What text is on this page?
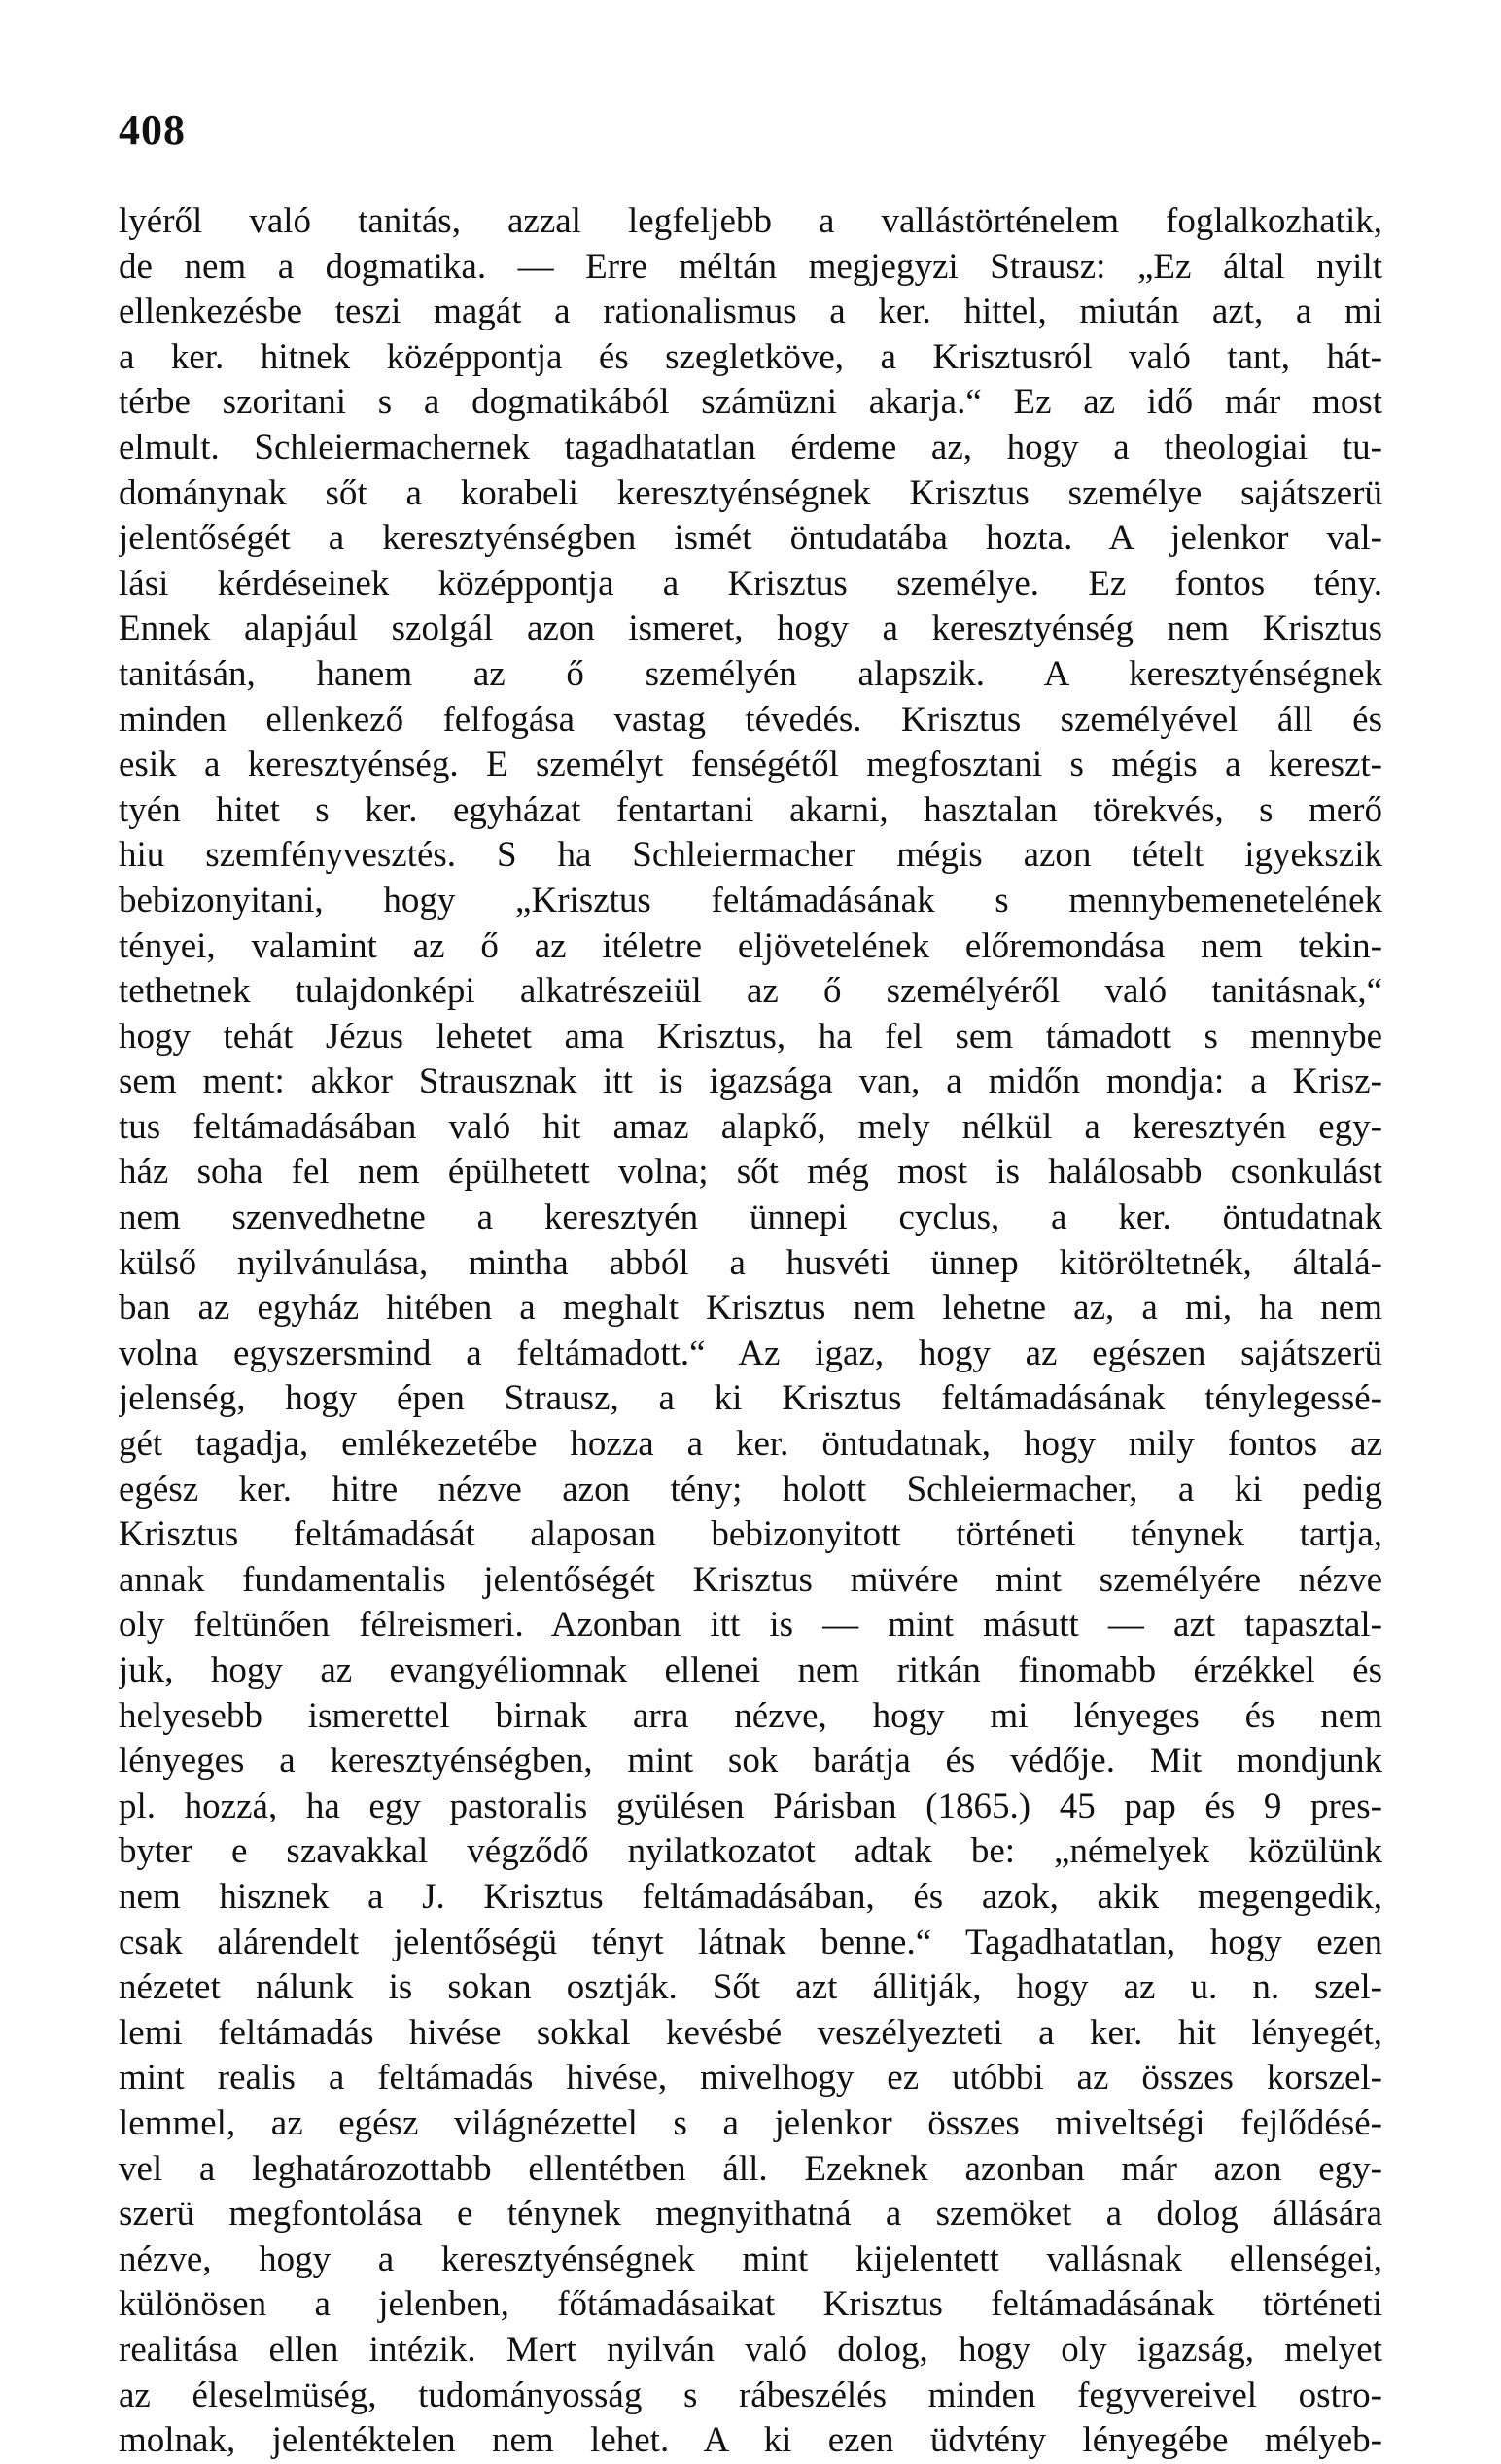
408

lyéről való tanitás, azzal legfeljebb a vallástörténelem foglalkozhatik,
de nem a dogmatika. — Erre méltán megjegyzi Strausz: „Ez által nyilt
ellenkezésbe teszi magát a rationalismus a ker. hittel, miután azt, a mi
a ker. hitnek középpontja és szegletköve, a Krisztusról való tant, hát-
térbe szoritani s a dogmatikából számüzni akarja.“ Ez az idő már most
elmult. Schleiermachernek tagadhatatlan érdeme az, hogy a theologiai tu-
dománynak sőt a korabeli keresztyénségnek Krisztus személye sajátszerü
jelentőségét a keresztyénségben ismét öntudatába hozta. A jelenkor val-
lási kérdéseinek középpontja a Krisztus személye. Ez fontos tény.
Ennek alapjául szolgál azon ismeret, hogy a keresztyénség nem Krisztus
tanitásán, hanem az ő személyén alapszik. A keresztyénségnek
minden ellenkező felfogása vastag tévedés. Krisztus személyével áll és
esik a keresztyénség. E személyt fenségétől megfosztani s mégis a kereszt-
tyén hitet s ker. egyházat fentartani akarni, hasztalan törekvés, s merő
hiu szemfényvesztés. S ha Schleiermacher mégis azon tételt igyekszik
bebizonyitani, hogy „Krisztus feltámadásának s mennybemenetelének
tényei, valamint az ő az itéletre eljövetelének előremondása nem tekin-
tethetnek tulajdonképi alkatrészeiül az ő személyéről való tanitásnak,“
hogy tehát Jézus lehetet ama Krisztus, ha fel sem támadott s mennybe
sem ment: akkor Strausznak itt is igazsága van, a midőn mondja: a Krisz-
tus feltámadásában való hit amaz alapkő, mely nélkül a keresztyén egy-
ház soha fel nem épülhetett volna; sőt még most is halálosabb csonkulást
nem szenvedhetne a keresztyén ünnepi cyclus, a ker. öntudatnak
külső nyilvánulása, mintha abból a husvéti ünnep kitöröltetnék, általá-
ban az egyház hitében a meghalt Krisztus nem lehetne az, a mi, ha nem
volna egyszersmind a feltámadott.“ Az igaz, hogy az egészen sajátszerü
jelenség, hogy épen Strausz, a ki Krisztus feltámadásának ténylegessé-
gét tagadja, emlékezetébe hozza a ker. öntudatnak, hogy mily fontos az
egész ker. hitre nézve azon tény; holott Schleiermacher, a ki pedig
Krisztus feltámadását alaposan bebizonyitott történeti ténynek tartja,
annak fundamentalis jelentőségét Krisztus müvére mint személyére nézve
oly feltünően félreismeri. Azonban itt is — mint másutt — azt tapasztal-
juk, hogy az evangyéliomnak ellenei nem ritkán finomabb érzékkel és
helyesebb ismerettel birnak arra nézve, hogy mi lényeges és nem
lényeges a keresztyénségben, mint sok barátja és védője. Mit mondjunk
pl. hozzá, ha egy pastoralis gyülésen Párisban (1865.) 45 pap és 9 pres-
byter e szavakkal végződő nyilatkozatot adtak be: „némelyek közülünk
nem hisznek a J. Krisztus feltámadásában, és azok, akik megengedik,
csak alárendelt jelentőségü tényt látnak benne.“ Tagadhatatlan, hogy ezen
nézetet nálunk is sokan osztják. Sőt azt állitják, hogy az u. n. szel-
lemi feltámadás hivése sokkal kevésbé veszélyezteti a ker. hit lényegét,
mint realis a feltámadás hivése, mivelhogy ez utóbbi az összes korszel-
lemmel, az egész világnézettel s a jelenkor összes miveltségi fejlődésé-
vel a leghatározottabb ellentétben áll. Ezeknek azonban már azon egy-
szerü megfontolása e ténynek megnyithatná a szemöket a dolog állására
nézve, hogy a keresztyénségnek mint kijelentett vallásnak ellenségei,
különösen a jelenben, főtámadásaikat Krisztus feltámadásának történeti
realitása ellen intézik. Mert nyilván való dolog, hogy oly igazság, melyet
az éleselmüség, tudományosság s rábeszélés minden fegyvereivel ostro-
molnak, jelentéktelen nem lehet. A ki ezen üdvtény lényegébe mélyeb-
